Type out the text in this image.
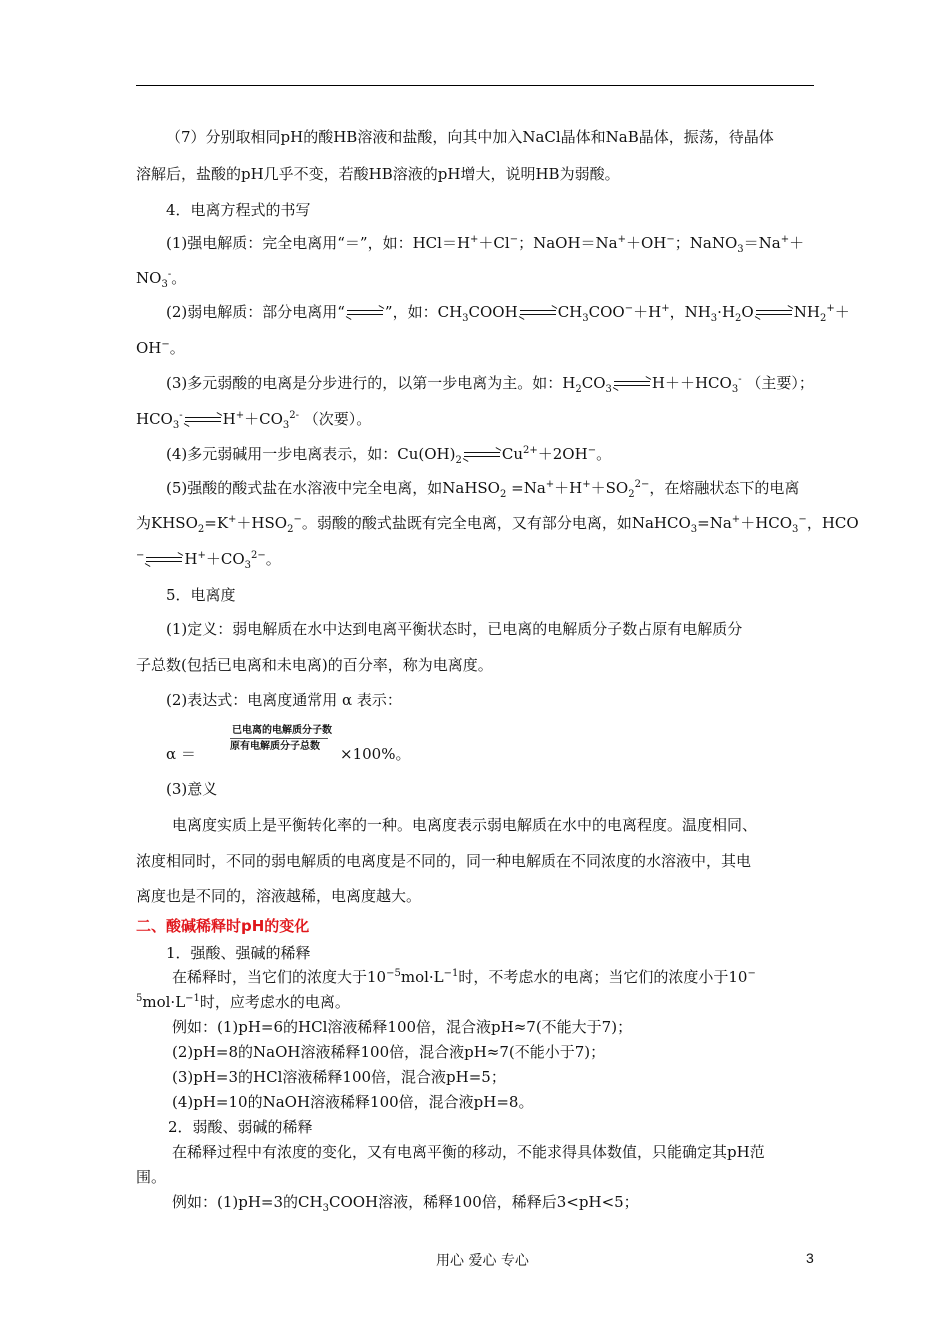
（7）分别取相同pH的酸HB溶液和盐酸，向其中加入NaCl晶体和NaB晶体，振荡，待晶体
溶解后，盐酸的pH几乎不变，若酸HB溶液的pH增大，说明HB为弱酸。
4．电离方程式的书写
(1)强电解质：完全电离用“＝”，如：HCl＝H+＋Cl−；NaOH＝Na+＋OH−；NaNO$_3$＝Na+＋
$NO_3^-$。
(2)弱电解质：部分电离用“	”，如：$CH_3COOH$	$CH_3COO^-+H^+$，$NH_3\cdot H_2O$	$NH_2^++$
OH−。
(3)多元弱酸的电离是分步进行的，以第一步电离为主。如：$H_2CO_3$	$H++HCO_3^-$ （主要）；
$HCO_3^-$	$H^++CO_3^{2-}$ （次要）。
(4)多元弱碱用一步电离表示，如：$Cu(OH)_2$	$Cu^{2+}+2OH^-$。
(5)强酸的酸式盐在水溶液中完全电离，如NaHSO$_2$ $=Na^++H^++SO_2^{2-}$，在熔融状态下的电离
为$KHSO_2=K^++HSO_2^-$。弱酸的酸式盐既有完全电离，又有部分电离，如$NaHCO_3=Na^++HCO_3^-$，HCO
−	$H^++CO_3^{2-}$。
5．电离度
(1)定义：弱电解质在水中达到电离平衡状态时，已电离的电解质分子数占原有电解质分
子总数(包括已电离和未电离)的百分率，称为电离度。
(2)表达式：电离度通常用 α 表示：
已电离的电解质分子数
原有电解质分子总数
α ＝	×100%。
(3)意义
电离度实质上是平衡转化率的一种。电离度表示弱电解质在水中的电离程度。温度相同、
浓度相同时，不同的弱电解质的电离度是不同的，同一种电解质在不同浓度的水溶液中，其电
离度也是不同的，溶液越稀，电离度越大。
二、酸碱稀释时pH的变化
1．强酸、强碱的稀释
在稀释时，当它们的浓度大于$10^{-5}mol\cdot L^{-1}$时，不考虑水的电离；当它们的浓度小于10−
$^5mol\cdot L^{-1}$时，应考虑水的电离。
例如：(1)pH=6的HCl溶液稀释100倍，混合液pH≈7(不能大于7)；
(2)pH=8的NaOH溶液稀释100倍，混合液pH≈7(不能小于7)；
(3)pH=3的HCl溶液稀释100倍，混合液pH=5；
(4)pH=10的NaOH溶液稀释100倍，混合液pH=8。
2．弱酸、弱碱的稀释
在稀释过程中有浓度的变化，又有电离平衡的移动，不能求得具体数值，只能确定其pH范
围。
例如：(1)pH=3的$CH_3COOH$溶液，稀释100倍，稀释后3<pH<5；
用心 爱心 专心	3
